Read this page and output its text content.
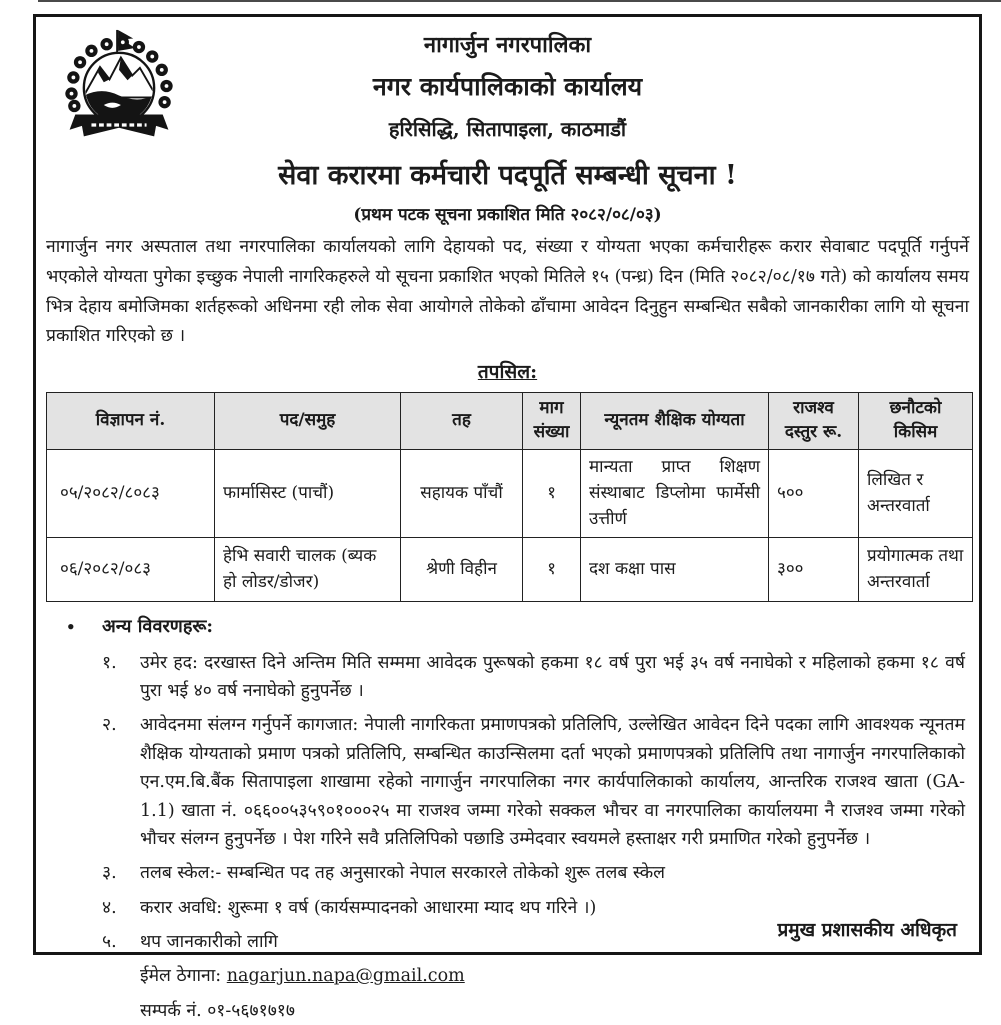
नागार्जुन नगरपालिका
नगर कार्यपालिकाको कार्यालय
हरिसिद्धि, सितापाइला, काठमाडौं
सेवा करारमा कर्मचारी पदपूर्ति सम्बन्धी सूचना !
(प्रथम पटक सूचना प्रकाशित मिति २०८२/०८/०३)

नागार्जुन नगर अस्पताल तथा नगरपालिका कार्यालयको लागि देहायको पद, संख्या र योग्यता भएका कर्मचारीहरू करार सेवाबाट पदपूर्ति गर्नुपर्ने भएकोले योग्यता पुगेका इच्छुक नेपाली नागरिकहरुले यो सूचना प्रकाशित भएको मितिले १५ (पन्ध्र) दिन (मिति २०८२/०८/१७ गते) को कार्यालय समय भित्र देहाय बमोजिमका शर्तहरूको अधिनमा रही लोक सेवा आयोगले तोकेको ढाँचामा आवेदन दिनुहुन सम्बन्धित सबैको जानकारीका लागि यो सूचना प्रकाशित गरिएको छ ।

तपसिल:
विज्ञापन नं.	पद/समुह	तह	माग संख्या	न्यूनतम शैक्षिक योग्यता	राजश्व दस्तुर रू.	छनौटको किसिम
०५/२०८२/८०८३	फार्मासिस्ट (पाचौं)	सहायक पाँचौं	१	मान्यता प्राप्त शिक्षण संस्थाबाट डिप्लोमा फार्मेसी उत्तीर्ण	५००	लिखित र अन्तरवार्ता
०६/२०८२/०८३	हेभि सवारी चालक (ब्यक हो लोडर/डोजर)	श्रेणी विहीन	१	दश कक्षा पास	३००	प्रयोगात्मक तथा अन्तरवार्ता
•
अन्य विवरणहरू:
१.	उमेर हद: दरखास्त दिने अन्तिम मिति सम्ममा आवेदक पुरूषको हकमा १८ वर्ष पुरा भई ३५ वर्ष ननाघेको र महिलाको हकमा १८ वर्ष पुरा भई ४० वर्ष ननाघेको हुनुपर्नेछ ।
२.	आवेदनमा संलग्न गर्नुपर्ने कागजात: नेपाली नागरिकता प्रमाणपत्रको प्रतिलिपि, उल्लेखित आवेदन दिने पदका लागि आवश्यक न्यूनतम शैक्षिक योग्यताको प्रमाण पत्रको प्रतिलिपि, सम्बन्धित काउन्सिलमा दर्ता भएको प्रमाणपत्रको प्रतिलिपि तथा नागार्जुन नगरपालिकाको एन.एम.बि.बैंक सितापाइला शाखामा रहेको नागार्जुन नगरपालिका नगर कार्यपालिकाको कार्यालय, आन्तरिक राजश्व खाता (GA-1.1) खाता नं. ०६६००५३५९०१०००२५ मा राजश्व जम्मा गरेको सक्कल भौचर वा नगरपालिका कार्यालयमा नै राजश्व जम्मा गरेको भौचर संलग्न हुनुपर्नेछ । पेश गरिने सवै प्रतिलिपिको पछाडि उम्मेदवार स्वयमले हस्ताक्षर गरी प्रमाणित गरेको हुनुपर्नेछ ।
३.	तलब स्केल:- सम्बन्धित पद तह अनुसारको नेपाल सरकारले तोकेको शुरू तलब स्केल
४.	करार अवधि: शुरूमा १ वर्ष (कार्यसम्पादनको आधारमा म्याद थप गरिने ।)
५.	थप जानकारीको लागि
ईमेल ठेगाना: nagarjun.napa@gmail.com
सम्पर्क नं. ०१-५६७१७१७
प्रमुख प्रशासकीय अधिकृत
